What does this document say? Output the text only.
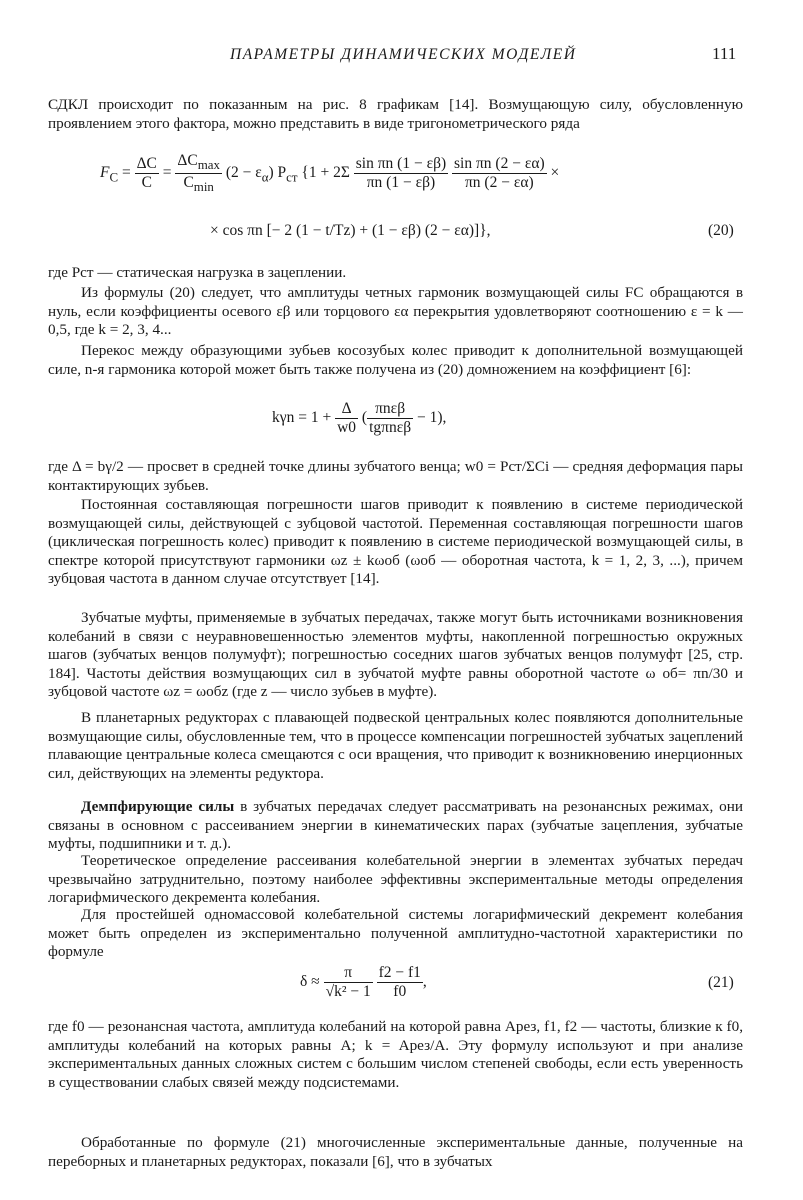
ПАРАМЕТРЫ ДИНАМИЧЕСКИХ МОДЕЛЕЙ	111
СДКЛ происходит по показанным на рис. 8 графикам [14]. Возмущающую силу, обусловленную проявлением этого фактора, можно представить в виде тригонометрического ряда
$F_C = \frac{\Delta C}{C} = \frac{\Delta C_{max}}{C_{min}} (2 - \varepsilon_\alpha)$ $P_{ст}$ {$1 + 2\Sigma \frac{\text{sin πn (1 − εβ)}}{\pi n (1 - \varepsilon\beta)}$
$\frac{\text{sin πn (2 − εα)}}{\pi n (2 - \varepsilon\alpha)}$ ×
× cos πn [− 2 (1 − t/Tz) + (1 − εβ) (2 − εα)]},	(20)
где Pст — статическая нагрузка в зацеплении.
Из формулы (20) следует, что амплитуды четных гармоник возмущающей силы FC обращаются в нуль, если коэффициенты осевого εβ или торцового εα перекрытия удовлетворяют соотношению ε = k — 0,5, где k = 2, 3, 4...
Перекос между образующими зубьев косозубых колес приводит к дополнительной возмущающей силе, n-я гармоника которой может быть также получена из (20) домножением на коэффициент [6]:
$k\gamma n = 1 + \frac{\Delta}{w0}$ ( $\frac{\text{πnεβ}}{\text{tgπnεβ}} - 1$),
где Δ = bγ/2 — просвет в средней точке длины зубчатого венца; w0 = Pст/ΣCi — средняя деформация пары контактирующих зубьев.
Постоянная составляющая погрешности шагов приводит к появлению в системе периодической возмущающей силы, действующей с зубцовой частотой. Переменная составляющая погрешности шагов (циклическая погрешность колес) приводит к появлению в системе периодической возмущающей силы, в спектре которой присутствуют гармоники ωz ± kωоб (ωоб — оборотная частота, k = 1, 2, 3, ...), причем зубцовая частота в данном случае отсутствует [14].
Зубчатые муфты, применяемые в зубчатых передачах, также могут быть источниками возникновения колебаний в связи с неуравновешенностью элементов муфты, накопленной погрешностью окружных шагов (зубчатых венцов полумуфт); погрешностью соседних шагов зубчатых венцов полумуфт [25, стр. 184]. Частоты действия возмущающих сил в зубчатой муфте равны оборотной частоте ω об= πn/30 и зубцовой частоте ωz = ωобz (где z — число зубьев в муфте).
В планетарных редукторах с плавающей подвеской центральных колес появляются дополнительные возмущающие силы, обусловленные тем, что в процессе компенсации погрешностей зубчатых зацеплений плавающие центральные колеса смещаются с оси вращения, что приводит к возникновению инерционных сил, действующих на элементы редуктора.
Демпфирующие силы в зубчатых передачах следует рассматривать на резонансных режимах, они связаны в основном с рассеиванием энергии в кинематических парах (зубчатые зацепления, зубчатые муфты, подшипники и т. д.).
Теоретическое определение рассеивания колебательной энергии в элементах зубчатых передач чрезвычайно затруднительно, поэтому наиболее эффективны экспериментальные методы определения логарифмического декремента колебания.
Для простейшей одномассовой колебательной системы логарифмический декремент колебания может быть определен из экспериментально полученной амплитудно-частотной характеристики по формуле
$\delta \approx \frac{\pi}{\text{√k² − 1}}$
$\frac{f2 - f1}{f0}$ ,	(21)
где f0 — резонансная частота, амплитуда колебаний на которой равна Aрез, f1, f2 — частоты, близкие к f0, амплитуды колебаний на которых равны A; k = Aрез/A. Эту формулу используют и при анализе экспериментальных данных сложных систем с большим числом степеней свободы, если есть уверенность в существовании слабых связей между подсистемами.
Обработанные по формуле (21) многочисленные экспериментальные данные, полученные на переборных и планетарных редукторах, показали [6], что в зубчатых
